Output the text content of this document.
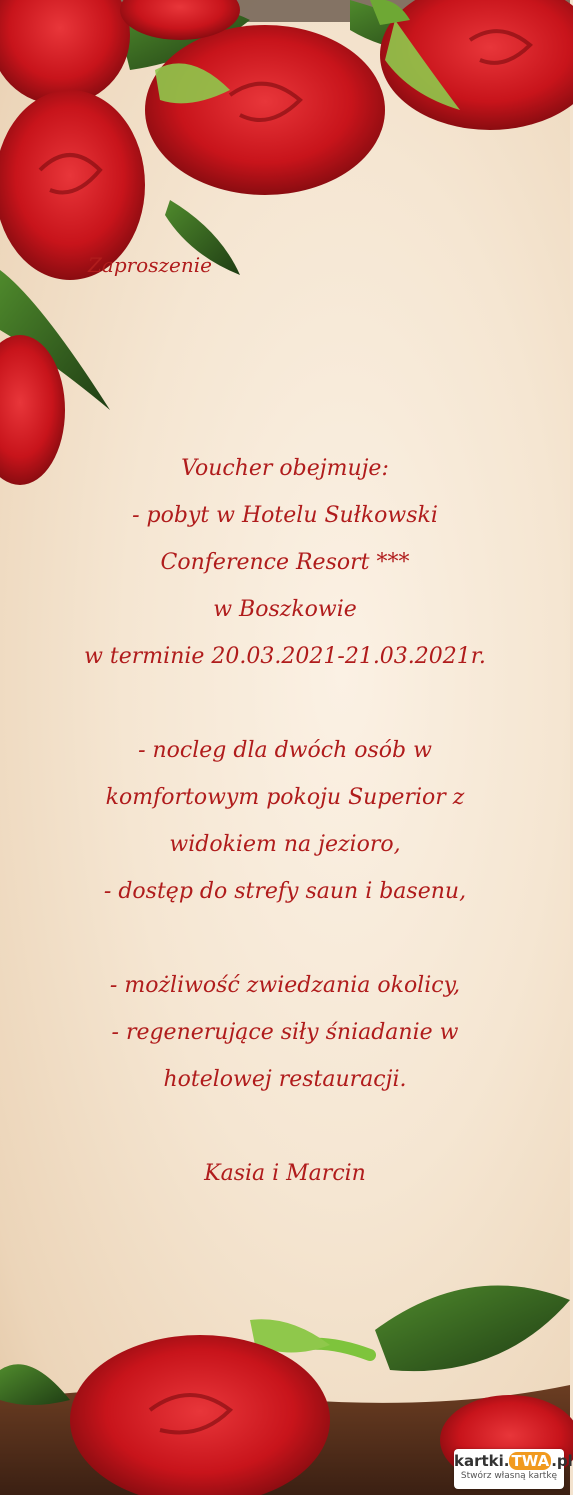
Zaproszenie
Voucher obejmuje:
- pobyt w Hotelu Sułkowski
Conference Resort ***
w Boszkowie
w terminie 20.03.2021-21.03.2021r.
- nocleg dla dwóch osób w
komfortowym pokoju Superior z
widokiem na jezioro,
- dostęp do strefy saun i basenu,
- możliwość zwiedzania okolicy,
- regenerujące siły śniadanie w
hotelowej restauracji.
Kasia i Marcin
kartki. TWA .pl
Stwórz własną kartkę
